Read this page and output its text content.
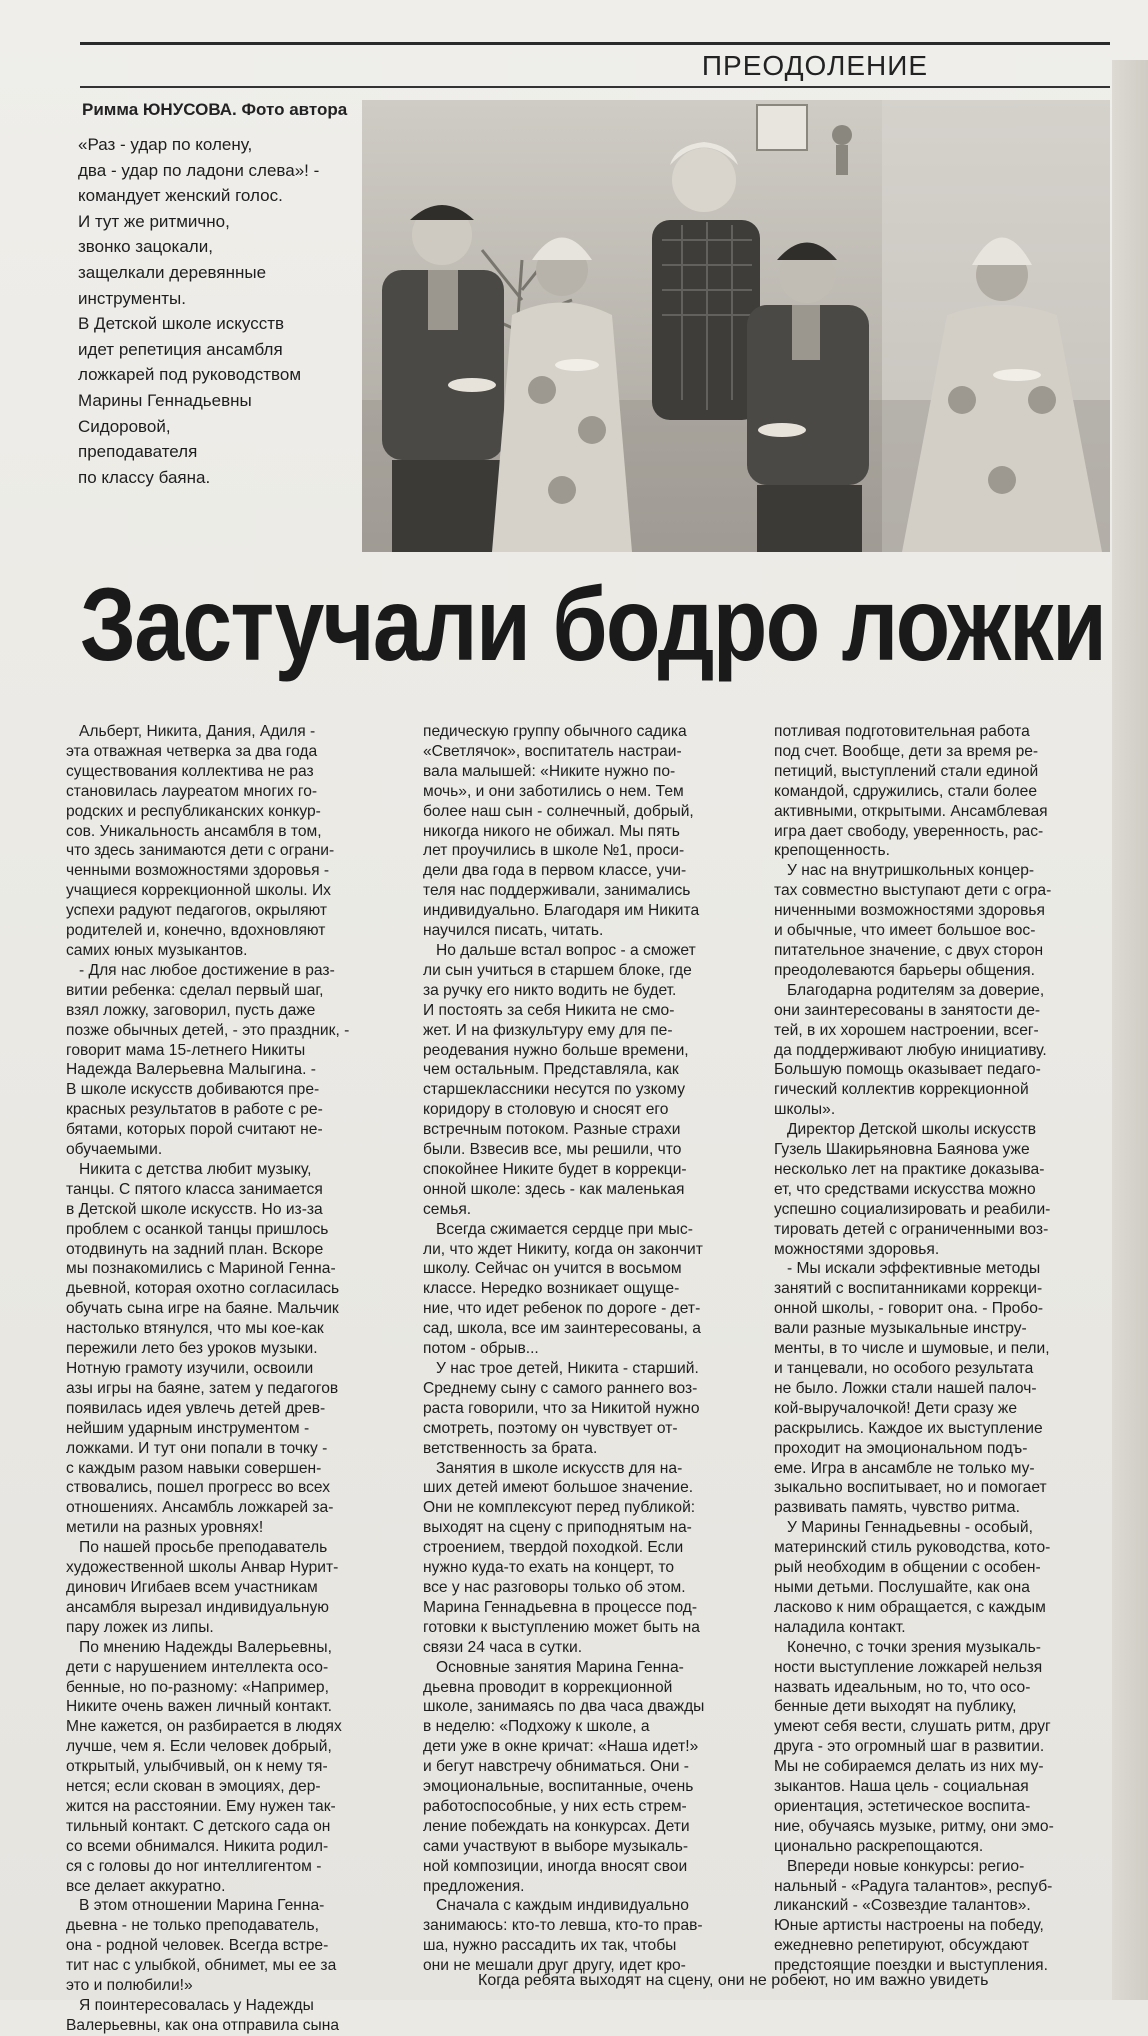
ПРЕОДОЛЕНИЕ
Римма ЮНУСОВА. Фото автора
«Раз - удар по колену,
два - удар по ладони слева»! -
командует женский голос.
И тут же ритмично,
звонко зацокали,
защелкали деревянные
инструменты.
В Детской школе искусств
идет репетиция ансамбля
ложкарей под руководством
Марины Геннадьевны
Сидоровой,
преподавателя
по классу баяна.
Застучали бодро ложки
Альберт, Никита, Дания, Адиля -
эта отважная четверка за два года
существования коллектива не раз
становилась лауреатом многих го-
родских и республиканских конкур-
сов. Уникальность ансамбля в том,
что здесь занимаются дети с ограни-
ченными возможностями здоровья -
учащиеся коррекционной школы. Их
успехи радуют педагогов, окрыляют
родителей и, конечно, вдохновляют
самих юных музыкантов.
- Для нас любое достижение в раз-
витии ребенка: сделал первый шаг,
взял ложку, заговорил, пусть даже
позже обычных детей, - это праздник, -
говорит мама 15-летнего Никиты
Надежда Валерьевна Малыгина. -
В школе искусств добиваются пре-
красных результатов в работе с ре-
бятами, которых порой считают не-
обучаемыми.
Никита с детства любит музыку,
танцы. С пятого класса занимается
в Детской школе искусств. Но из-за
проблем с осанкой танцы пришлось
отодвинуть на задний план. Вскоре
мы познакомились с Мариной Генна-
дьевной, которая охотно согласилась
обучать сына игре на баяне. Мальчик
настолько втянулся, что мы кое-как
пережили лето без уроков музыки.
Нотную грамоту изучили, освоили
азы игры на баяне, затем у педагогов
появилась идея увлечь детей древ-
нейшим ударным инструментом -
ложками. И тут они попали в точку -
с каждым разом навыки совершен-
ствовались, пошел прогресс во всех
отношениях. Ансамбль ложкарей за-
метили на разных уровнях!
По нашей просьбе преподаватель
художественной школы Анвар Нурит-
динович Игибаев всем участникам
ансамбля вырезал индивидуальную
пару ложек из липы.
По мнению Надежды Валерьевны,
дети с нарушением интеллекта осо-
бенные, но по-разному: «Например,
Никите очень важен личный контакт.
Мне кажется, он разбирается в людях
лучше, чем я. Если человек добрый,
открытый, улыбчивый, он к нему тя-
нется; если скован в эмоциях, дер-
жится на расстоянии. Ему нужен так-
тильный контакт. С детского сада он
со всеми обнимался. Никита родил-
ся с головы до ног интеллигентом -
все делает аккуратно.
В этом отношении Марина Генна-
дьевна - не только преподаватель,
она - родной человек. Всегда встре-
тит нас с улыбкой, обнимет, мы ее за
это и полюбили!»
Я поинтересовалась у Надежды
Валерьевны, как она отправила сына
педическую группу обычного садика
«Светлячок», воспитатель настраи-
вала малышей: «Никите нужно по-
мочь», и они заботились о нем. Тем
более наш сын - солнечный, добрый,
никогда никого не обижал. Мы пять
лет проучились в школе №1, проси-
дели два года в первом классе, учи-
теля нас поддерживали, занимались
индивидуально. Благодаря им Никита
научился писать, читать.
Но дальше встал вопрос - а сможет
ли сын учиться в старшем блоке, где
за ручку его никто водить не будет.
И постоять за себя Никита не смо-
жет. И на физкультуру ему для пе-
реодевания нужно больше времени,
чем остальным. Представляла, как
старшеклассники несутся по узкому
коридору в столовую и сносят его
встречным потоком. Разные страхи
были. Взвесив все, мы решили, что
спокойнее Никите будет в коррекци-
онной школе: здесь - как маленькая
семья.
Всегда сжимается сердце при мыс-
ли, что ждет Никиту, когда он закончит
школу. Сейчас он учится в восьмом
классе. Нередко возникает ощуще-
ние, что идет ребенок по дороге - дет-
сад, школа, все им заинтересованы, а
потом - обрыв...
У нас трое детей, Никита - старший.
Среднему сыну с самого раннего воз-
раста говорили, что за Никитой нужно
смотреть, поэтому он чувствует от-
ветственность за брата.
Занятия в школе искусств для на-
ших детей имеют большое значение.
Они не комплексуют перед публикой:
выходят на сцену с приподнятым на-
строением, твердой походкой. Если
нужно куда-то ехать на концерт, то
все у нас разговоры только об этом.
Марина Геннадьевна в процессе под-
готовки к выступлению может быть на
связи 24 часа в сутки.
Основные занятия Марина Генна-
дьевна проводит в коррекционной
школе, занимаясь по два часа дважды
в неделю: «Подхожу к школе, а
дети уже в окне кричат: «Наша идет!»
и бегут навстречу обниматься. Они -
эмоциональные, воспитанные, очень
работоспособные, у них есть стрем-
ление побеждать на конкурсах. Дети
сами участвуют в выборе музыкаль-
ной композиции, иногда вносят свои
предложения.
Сначала с каждым индивидуально
занимаюсь: кто-то левша, кто-то прав-
ша, нужно рассадить их так, чтобы
они не мешали друг другу, идет кро-
потливая подготовительная работа
под счет. Вообще, дети за время ре-
петиций, выступлений стали единой
командой, сдружились, стали более
активными, открытыми. Ансамблевая
игра дает свободу, уверенность, рас-
крепощенность.
У нас на внутришкольных концер-
тах совместно выступают дети с огра-
ниченными возможностями здоровья
и обычные, что имеет большое вос-
питательное значение, с двух сторон
преодолеваются барьеры общения.
Благодарна родителям за доверие,
они заинтересованы в занятости де-
тей, в их хорошем настроении, всег-
да поддерживают любую инициативу.
Большую помощь оказывает педаго-
гический коллектив коррекционной
школы».
Директор Детской школы искусств
Гузель Шакирьяновна Баянова уже
несколько лет на практике доказыва-
ет, что средствами искусства можно
успешно социализировать и реабили-
тировать детей с ограниченными воз-
можностями здоровья.
- Мы искали эффективные методы
занятий с воспитанниками коррекци-
онной школы, - говорит она. - Пробо-
вали разные музыкальные инстру-
менты, в то числе и шумовые, и пели,
и танцевали, но особого результата
не было. Ложки стали нашей палоч-
кой-выручалочкой! Дети сразу же
раскрылись. Каждое их выступление
проходит на эмоциональном подъ-
еме. Игра в ансамбле не только му-
зыкально воспитывает, но и помогает
развивать память, чувство ритма.
У Марины Геннадьевны - особый,
материнский стиль руководства, кото-
рый необходим в общении с особен-
ными детьми. Послушайте, как она
ласково к ним обращается, с каждым
наладила контакт.
Конечно, с точки зрения музыкаль-
ности выступление ложкарей нельзя
назвать идеальным, но то, что осо-
бенные дети выходят на публику,
умеют себя вести, слушать ритм, друг
друга - это огромный шаг в развитии.
Мы не собираемся делать из них му-
зыкантов. Наша цель - социальная
ориентация, эстетическое воспита-
ние, обучаясь музыке, ритму, они эмо-
ционально раскрепощаются.
Впереди новые конкурсы: регио-
нальный - «Радуга талантов», респуб-
ликанский - «Созвездие талантов».
Юные артисты настроены на победу,
ежедневно репетируют, обсуждают
предстоящие поездки и выступления.
Когда ребята выходят на сцену, они не робеют, но им важно увидеть
